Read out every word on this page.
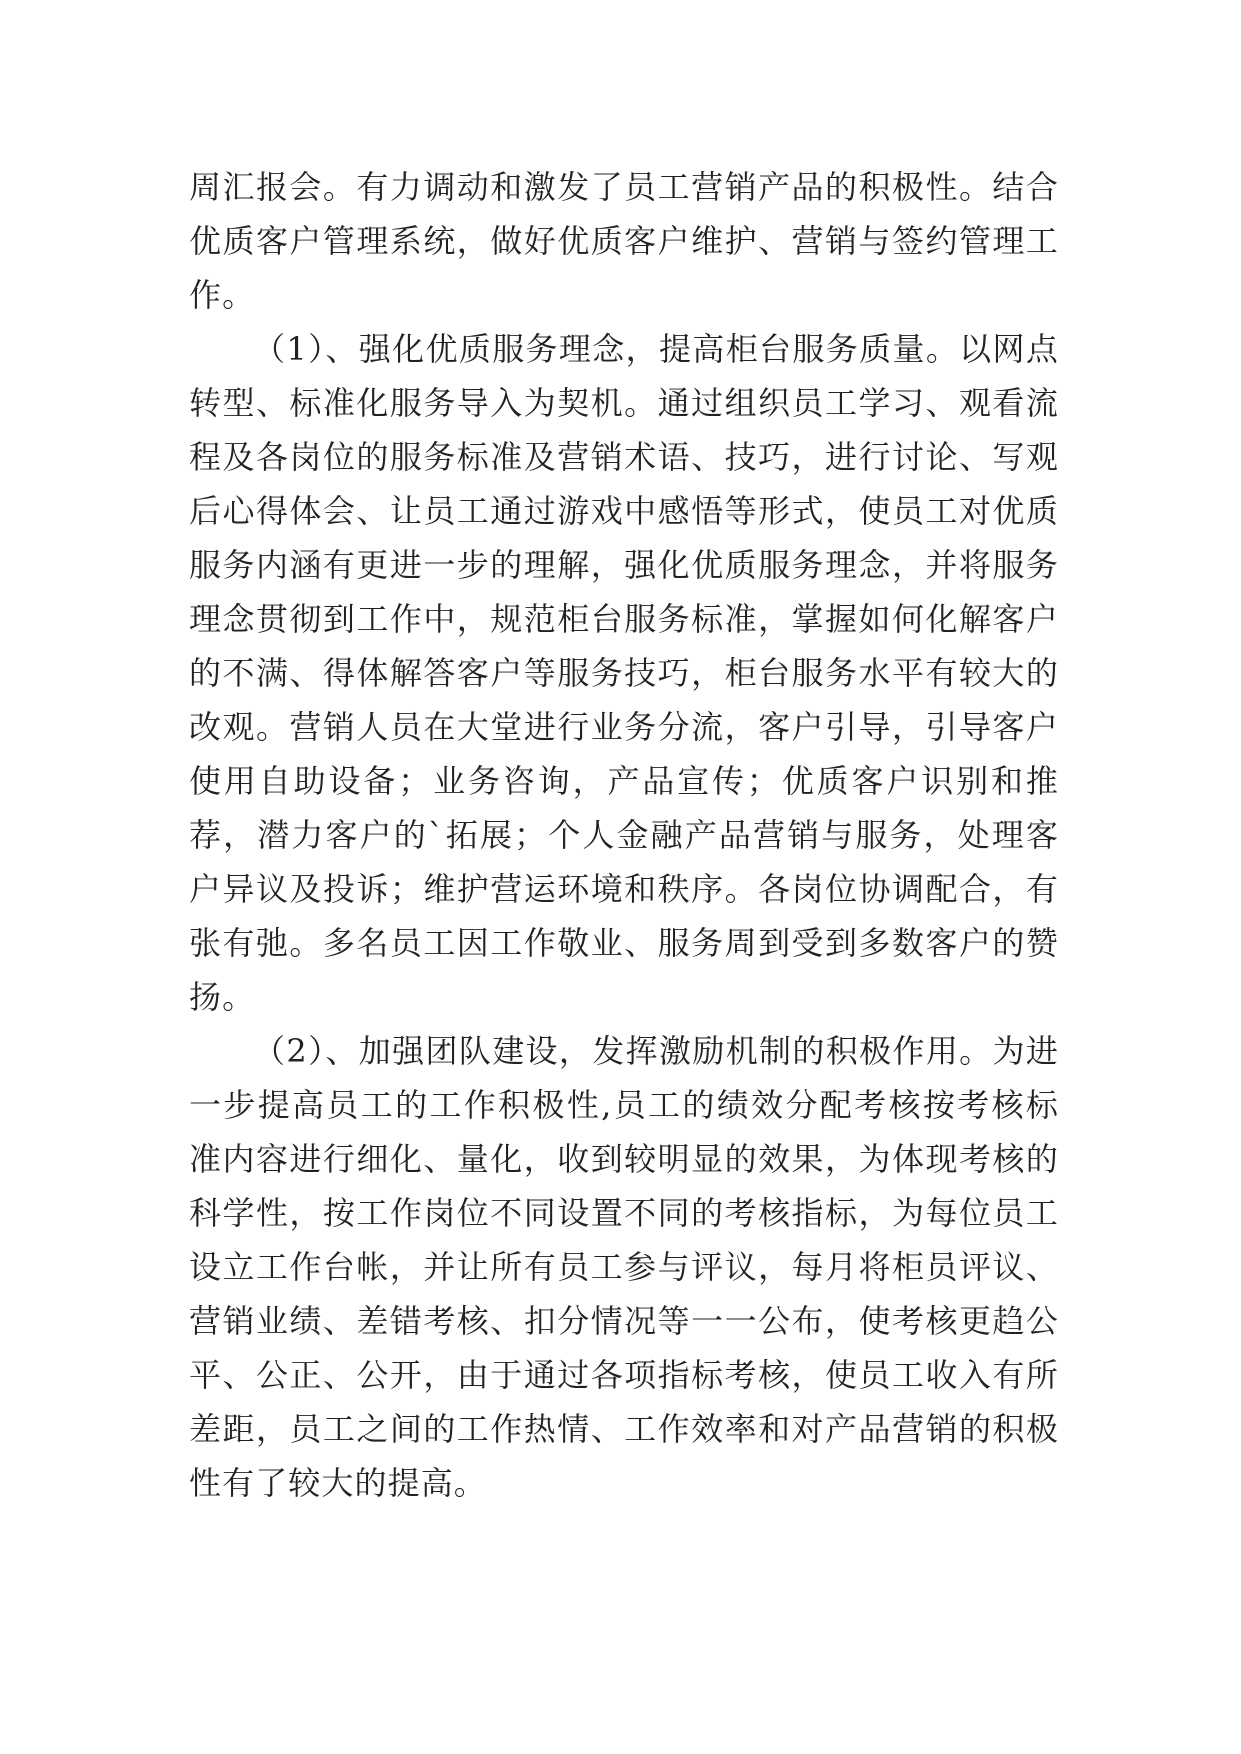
周汇报会。有力调动和激发了员工营销产品的积极性。结合优质客户管理系统，做好优质客户维护、营销与签约管理工作。

（1）、强化优质服务理念，提高柜台服务质量。以网点转型、标准化服务导入为契机。通过组织员工学习、观看流程及各岗位的服务标准及营销术语、技巧，进行讨论、写观后心得体会、让员工通过游戏中感悟等形式，使员工对优质服务内涵有更进一步的理解，强化优质服务理念，并将服务理念贯彻到工作中，规范柜台服务标准，掌握如何化解客户的不满、得体解答客户等服务技巧，柜台服务水平有较大的改观。营销人员在大堂进行业务分流，客户引导，引导客户使用自助设备；业务咨询，产品宣传；优质客户识别和推荐，潜力客户的`拓展；个人金融产品营销与服务，处理客户异议及投诉；维护营运环境和秩序。各岗位协调配合，有张有弛。多名员工因工作敬业、服务周到受到多数客户的赞扬。

（2）、加强团队建设，发挥激励机制的积极作用。为进一步提高员工的工作积极性,员工的绩效分配考核按考核标准内容进行细化、量化，收到较明显的效果，为体现考核的科学性，按工作岗位不同设置不同的考核指标，为每位员工设立工作台帐，并让所有员工参与评议，每月将柜员评议、营销业绩、差错考核、扣分情况等一一公布，使考核更趋公平、公正、公开，由于通过各项指标考核，使员工收入有所差距，员工之间的工作热情、工作效率和对产品营销的积极性有了较大的提高。
